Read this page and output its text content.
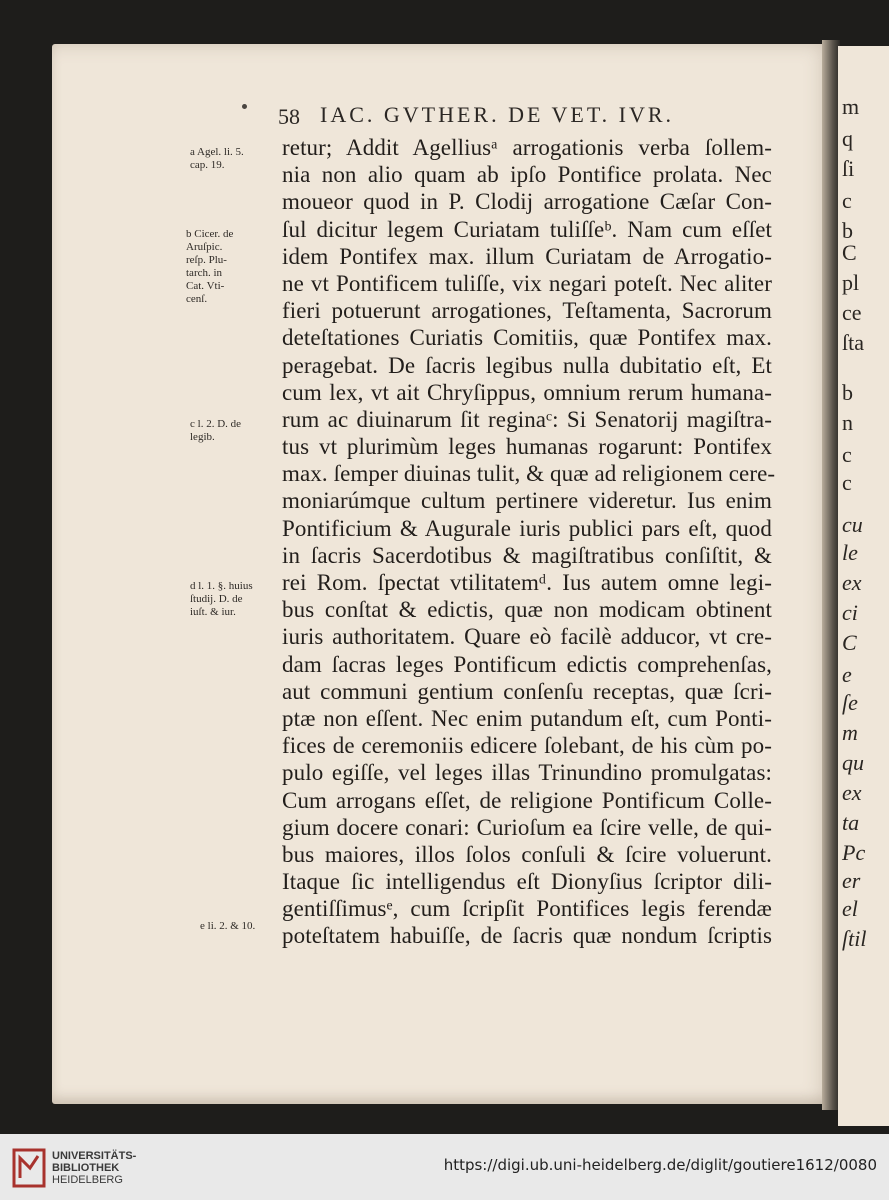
m
q
ſi
c
b
C
pl
ce
ſta
b
n
c
c
cu
le
ex
ci
C
e
ſe
m
qu
ex
ta
Pc
er
el
ſtil
58 IAC. GVTHER. DE VET. IVR.
retur; Addit Agelliusᵃ arrogationis verba ſollem-
nia non alio quam ab ipſo Pontifice prolata. Nec
moueor quod in P. Clodij arrogatione Cæſar Con-
ſul dicitur legem Curiatam tuliſſeᵇ. Nam cum eſſet
idem Pontifex max. illum Curiatam de Arrogatio-
ne vt Pontificem tuliſſe, vix negari poteſt. Nec aliter
fieri potuerunt arrogationes, Teſtamenta, Sacrorum
deteſtationes Curiatis Comitiis, quæ Pontifex max.
peragebat. De ſacris legibus nulla dubitatio eſt, Et
cum lex, vt ait Chryſippus, omnium rerum humana-
rum ac diuinarum ſit reginaᶜ: Si Senatorij magiſtra-
tus vt plurimùm leges humanas rogarunt: Pontifex
max. ſemper diuinas tulit, & quæ ad religionem cere-
moniarúmque cultum pertinere videretur. Ius enim
Pontificium & Augurale iuris publici pars eſt, quod
in ſacris Sacerdotibus & magiſtratibus conſiſtit, &
rei Rom. ſpectat vtilitatemᵈ. Ius autem omne legi-
bus conſtat & edictis, quæ non modicam obtinent
iuris authoritatem. Quare eò facilè adducor, vt cre-
dam ſacras leges Pontificum edictis comprehenſas,
aut communi gentium conſenſu receptas, quæ ſcri-
ptæ non eſſent. Nec enim putandum eſt, cum Ponti-
fices de ceremoniis edicere ſolebant, de his cùm po-
pulo egiſſe, vel leges illas Trinundino promulgatas:
Cum arrogans eſſet, de religione Pontificum Colle-
gium docere conari: Curioſum ea ſcire velle, de qui-
bus maiores, illos ſolos conſuli & ſcire voluerunt.
Itaque ſic intelligendus eſt Dionyſius ſcriptor dili-
gentiſſimusᵉ, cum ſcripſit Pontifices legis ferendæ
poteſtatem habuiſſe, de ſacris quæ nondum ſcriptis
a Agel. li. 5.
cap. 19.
b Cicer. de
Aruſpic.
reſp. Plu-
tarch. in
Cat. Vti-
cenſ.
c l. 2. D. de
legib.
d l. 1. §. huius
ſtudij. D. de
iuſt. & iur.
e li. 2. & 10.
UNIVERSITÄTS-
BIBLIOTHEK
HEIDELBERG
https://digi.ub.uni-heidelberg.de/diglit/goutiere1612/0080
